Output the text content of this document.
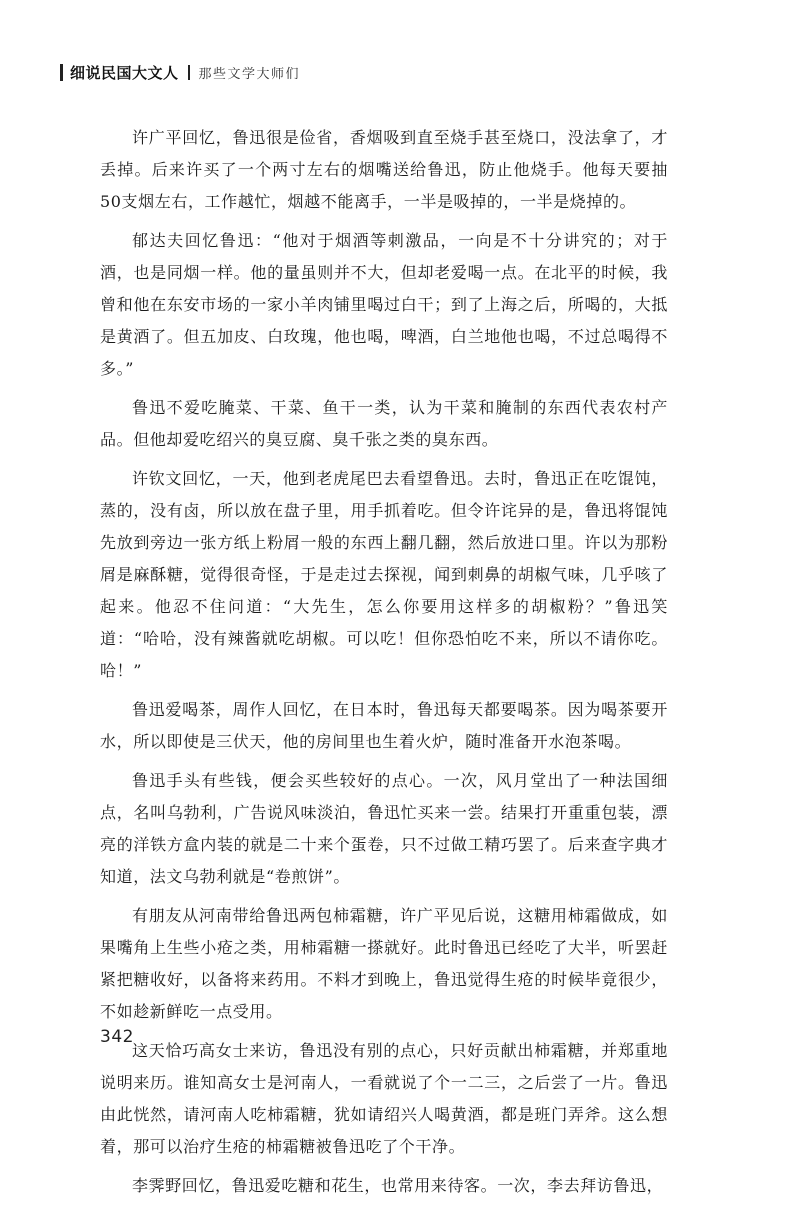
细说民国大文人 那些文学大师们

许广平回忆，鲁迅很是俭省，香烟吸到直至烧手甚至烧口，没法拿了，才丢掉。后来许买了一个两寸左右的烟嘴送给鲁迅，防止他烧手。他每天要抽50支烟左右，工作越忙，烟越不能离手，一半是吸掉的，一半是烧掉的。

郁达夫回忆鲁迅：“他对于烟酒等刺激品，一向是不十分讲究的；对于酒，也是同烟一样。他的量虽则并不大，但却老爱喝一点。在北平的时候，我曾和他在东安市场的一家小羊肉铺里喝过白干；到了上海之后，所喝的，大抵是黄酒了。但五加皮、白玫瑰，他也喝，啤酒，白兰地他也喝，不过总喝得不多。”

鲁迅不爱吃腌菜、干菜、鱼干一类，认为干菜和腌制的东西代表农村产品。但他却爱吃绍兴的臭豆腐、臭千张之类的臭东西。

许钦文回忆，一天，他到老虎尾巴去看望鲁迅。去时，鲁迅正在吃馄饨，蒸的，没有卤，所以放在盘子里，用手抓着吃。但令许诧异的是，鲁迅将馄饨先放到旁边一张方纸上粉屑一般的东西上翻几翻，然后放进口里。许以为那粉屑是麻酥糖，觉得很奇怪，于是走过去探视，闻到刺鼻的胡椒气味，几乎咳了起来。他忍不住问道：“大先生，怎么你要用这样多的胡椒粉？”鲁迅笑道：“哈哈，没有辣酱就吃胡椒。可以吃！但你恐怕吃不来，所以不请你吃。哈！”

鲁迅爱喝茶，周作人回忆，在日本时，鲁迅每天都要喝茶。因为喝茶要开水，所以即使是三伏天，他的房间里也生着火炉，随时准备开水泡茶喝。

鲁迅手头有些钱，便会买些较好的点心。一次，风月堂出了一种法国细点，名叫乌勃利，广告说风味淡泊，鲁迅忙买来一尝。结果打开重重包装，漂亮的洋铁方盒内装的就是二十来个蛋卷，只不过做工精巧罢了。后来查字典才知道，法文乌勃利就是“卷煎饼”。

有朋友从河南带给鲁迅两包柿霜糖，许广平见后说，这糖用柿霜做成，如果嘴角上生些小疮之类，用柿霜糖一搽就好。此时鲁迅已经吃了大半，听罢赶紧把糖收好，以备将来药用。不料才到晚上，鲁迅觉得生疮的时候毕竟很少，不如趁新鲜吃一点受用。

这天恰巧高女士来访，鲁迅没有别的点心，只好贡献出柿霜糖，并郑重地说明来历。谁知高女士是河南人，一看就说了个一二三，之后尝了一片。鲁迅由此恍然，请河南人吃柿霜糖，犹如请绍兴人喝黄酒，都是班门弄斧。这么想着，那可以治疗生疮的柿霜糖被鲁迅吃了个干净。

李霁野回忆，鲁迅爱吃糖和花生，也常用来待客。一次，李去拜访鲁迅，

342
